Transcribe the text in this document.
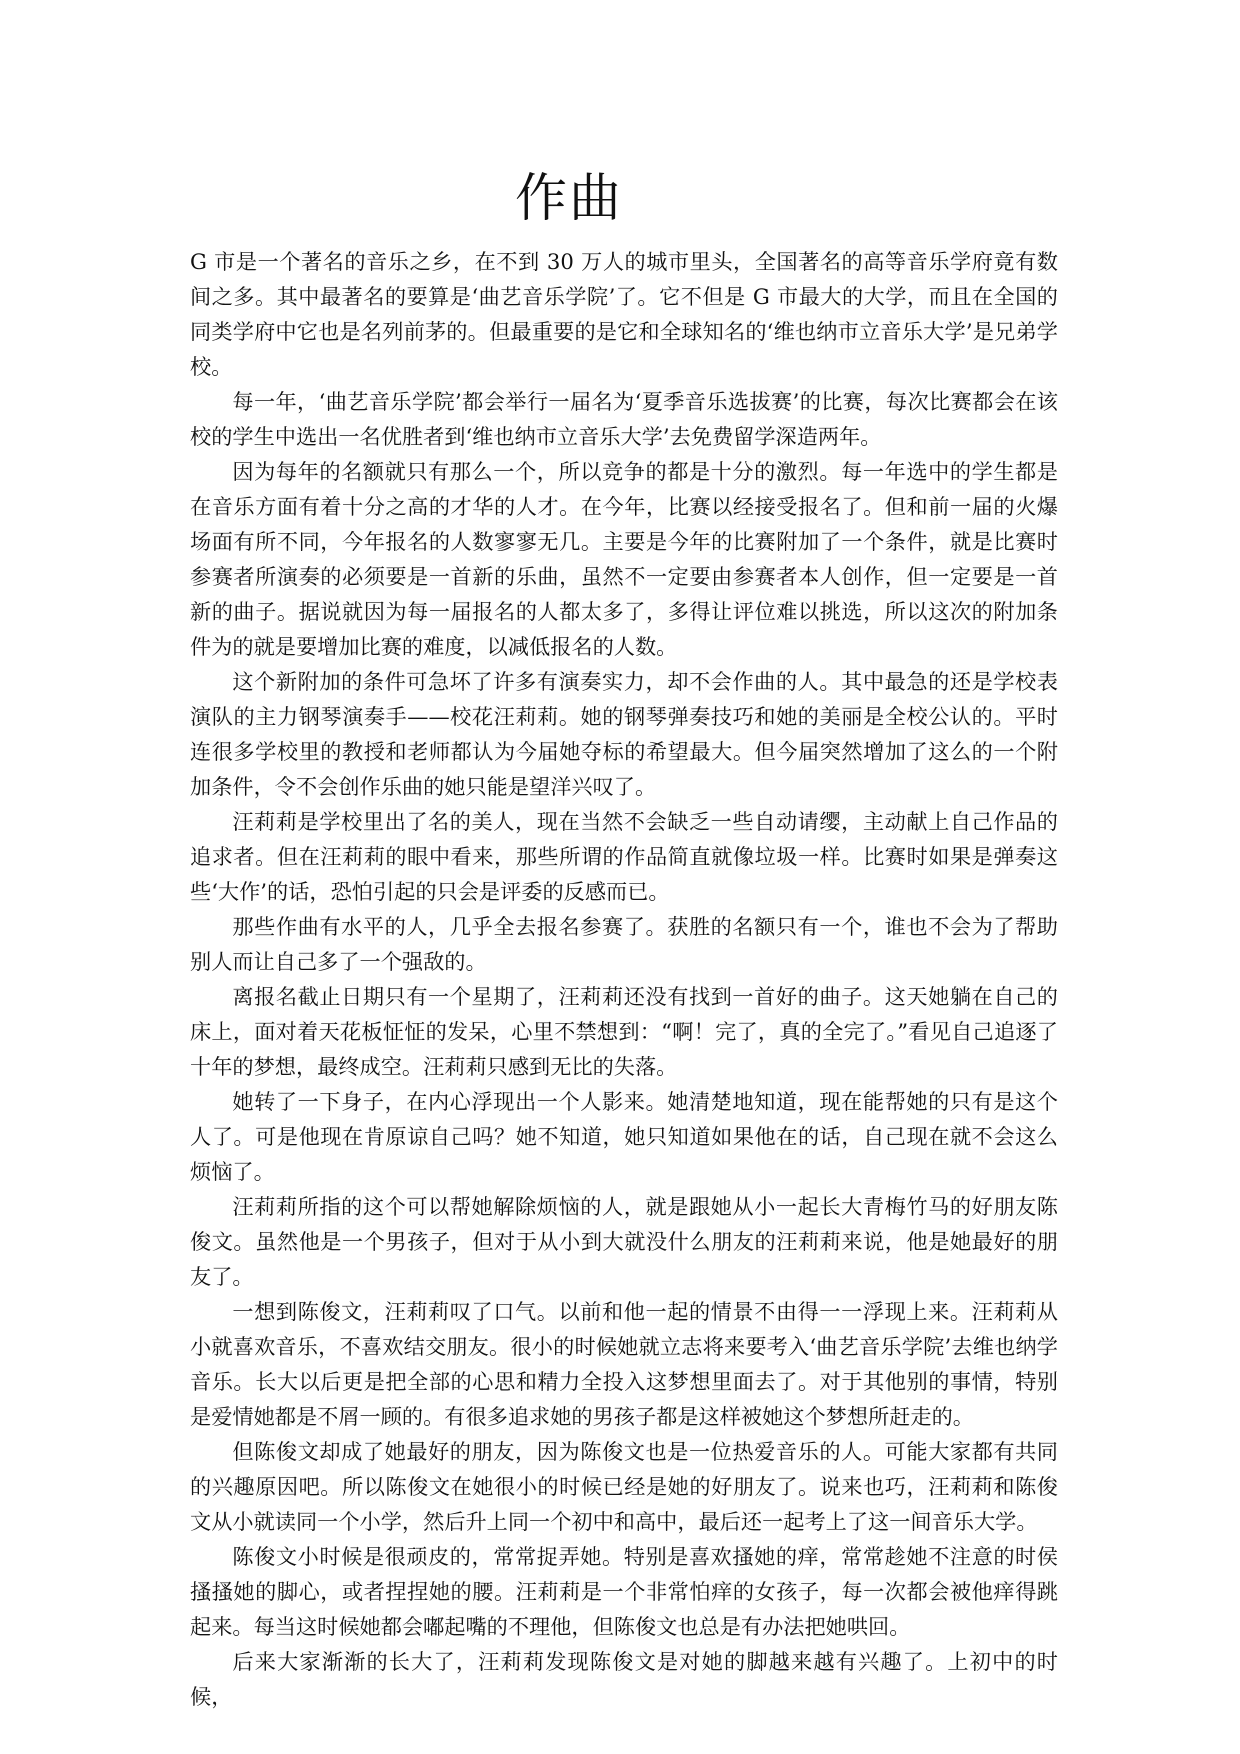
作曲

G 市是一个著名的音乐之乡，在不到 30 万人的城市里头，全国著名的高等音乐学府竟有数间之多。其中最著名的要算是‘曲艺音乐学院’了。它不但是 G 市最大的大学，而且在全国的同类学府中它也是名列前茅的。但最重要的是它和全球知名的‘维也纳市立音乐大学’是兄弟学校。

每一年，‘曲艺音乐学院’都会举行一届名为‘夏季音乐选拔赛’的比赛，每次比赛都会在该校的学生中选出一名优胜者到‘维也纳市立音乐大学’去免费留学深造两年。

因为每年的名额就只有那么一个，所以竞争的都是十分的激烈。每一年选中的学生都是在音乐方面有着十分之高的才华的人才。在今年，比赛以经接受报名了。但和前一届的火爆场面有所不同，今年报名的人数寥寥无几。主要是今年的比赛附加了一个条件，就是比赛时参赛者所演奏的必须要是一首新的乐曲，虽然不一定要由参赛者本人创作，但一定要是一首新的曲子。据说就因为每一届报名的人都太多了，多得让评位难以挑选，所以这次的附加条件为的就是要增加比赛的难度，以减低报名的人数。

这个新附加的条件可急坏了许多有演奏实力，却不会作曲的人。其中最急的还是学校表演队的主力钢琴演奏手——校花汪莉莉。她的钢琴弹奏技巧和她的美丽是全校公认的。平时连很多学校里的教授和老师都认为今届她夺标的希望最大。但今届突然增加了这么的一个附加条件，令不会创作乐曲的她只能是望洋兴叹了。

汪莉莉是学校里出了名的美人，现在当然不会缺乏一些自动请缨，主动献上自己作品的追求者。但在汪莉莉的眼中看来，那些所谓的作品简直就像垃圾一样。比赛时如果是弹奏这些‘大作’的话，恐怕引起的只会是评委的反感而已。

那些作曲有水平的人，几乎全去报名参赛了。获胜的名额只有一个，谁也不会为了帮助别人而让自己多了一个强敌的。

离报名截止日期只有一个星期了，汪莉莉还没有找到一首好的曲子。这天她躺在自己的床上，面对着天花板怔怔的发呆，心里不禁想到：“啊！完了，真的全完了。”看见自己追逐了十年的梦想，最终成空。汪莉莉只感到无比的失落。

她转了一下身子，在内心浮现出一个人影来。她清楚地知道，现在能帮她的只有是这个人了。可是他现在肯原谅自己吗？她不知道，她只知道如果他在的话，自己现在就不会这么烦恼了。

汪莉莉所指的这个可以帮她解除烦恼的人，就是跟她从小一起长大青梅竹马的好朋友陈俊文。虽然他是一个男孩子，但对于从小到大就没什么朋友的汪莉莉来说，他是她最好的朋友了。

一想到陈俊文，汪莉莉叹了口气。以前和他一起的情景不由得一一浮现上来。汪莉莉从小就喜欢音乐，不喜欢结交朋友。很小的时候她就立志将来要考入‘曲艺音乐学院’去维也纳学音乐。长大以后更是把全部的心思和精力全投入这梦想里面去了。对于其他别的事情，特别是爱情她都是不屑一顾的。有很多追求她的男孩子都是这样被她这个梦想所赶走的。

但陈俊文却成了她最好的朋友，因为陈俊文也是一位热爱音乐的人。可能大家都有共同的兴趣原因吧。所以陈俊文在她很小的时候已经是她的好朋友了。说来也巧，汪莉莉和陈俊文从小就读同一个小学，然后升上同一个初中和高中，最后还一起考上了这一间音乐大学。

陈俊文小时候是很顽皮的，常常捉弄她。特别是喜欢搔她的痒，常常趁她不注意的时侯搔搔她的脚心，或者捏捏她的腰。汪莉莉是一个非常怕痒的女孩子，每一次都会被他痒得跳起来。每当这时候她都会嘟起嘴的不理他，但陈俊文也总是有办法把她哄回。

后来大家渐渐的长大了，汪莉莉发现陈俊文是对她的脚越来越有兴趣了。上初中的时候，
